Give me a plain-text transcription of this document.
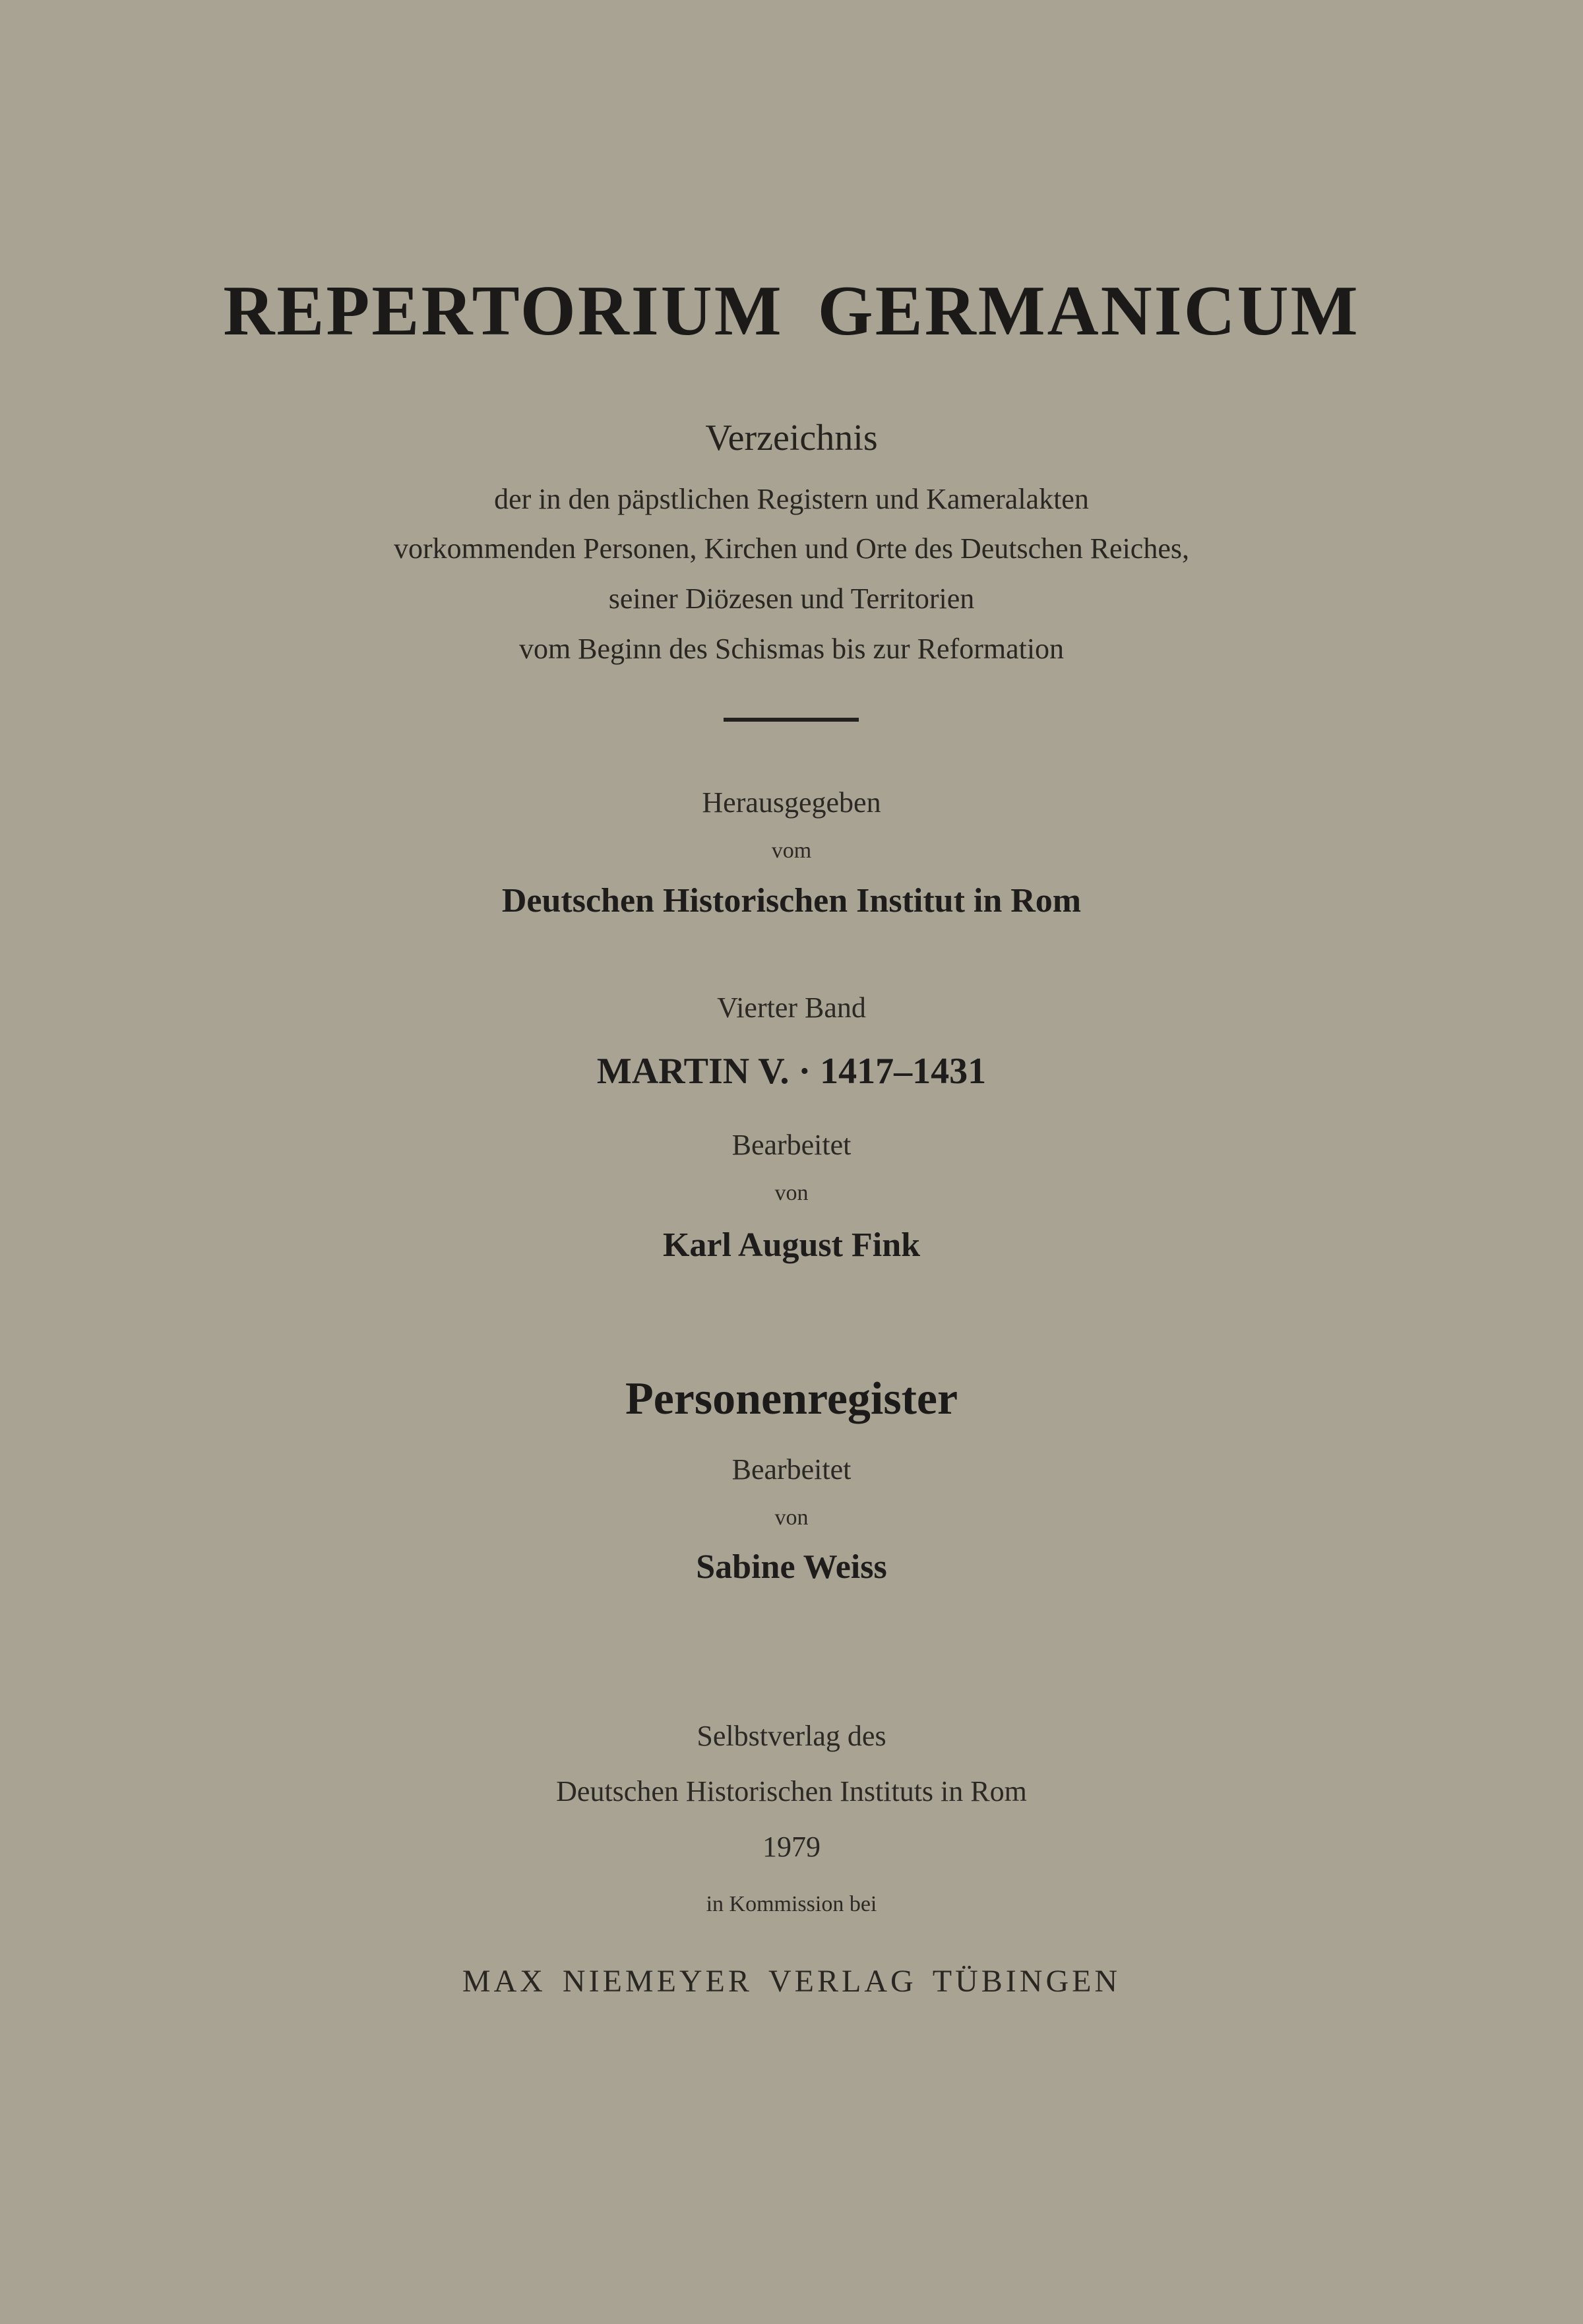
REPERTORIUM GERMANICUM
Verzeichnis
der in den päpstlichen Registern und Kameralakten
vorkommenden Personen, Kirchen und Orte des Deutschen Reiches,
seiner Diözesen und Territorien
vom Beginn des Schismas bis zur Reformation
Herausgegeben
vom
Deutschen Historischen Institut in Rom
Vierter Band
MARTIN V. · 1417–1431
Bearbeitet
von
Karl August Fink
Personenregister
Bearbeitet
von
Sabine Weiss
Selbstverlag des
Deutschen Historischen Instituts in Rom
1979
in Kommission bei
MAX NIEMEYER VERLAG TÜBINGEN
